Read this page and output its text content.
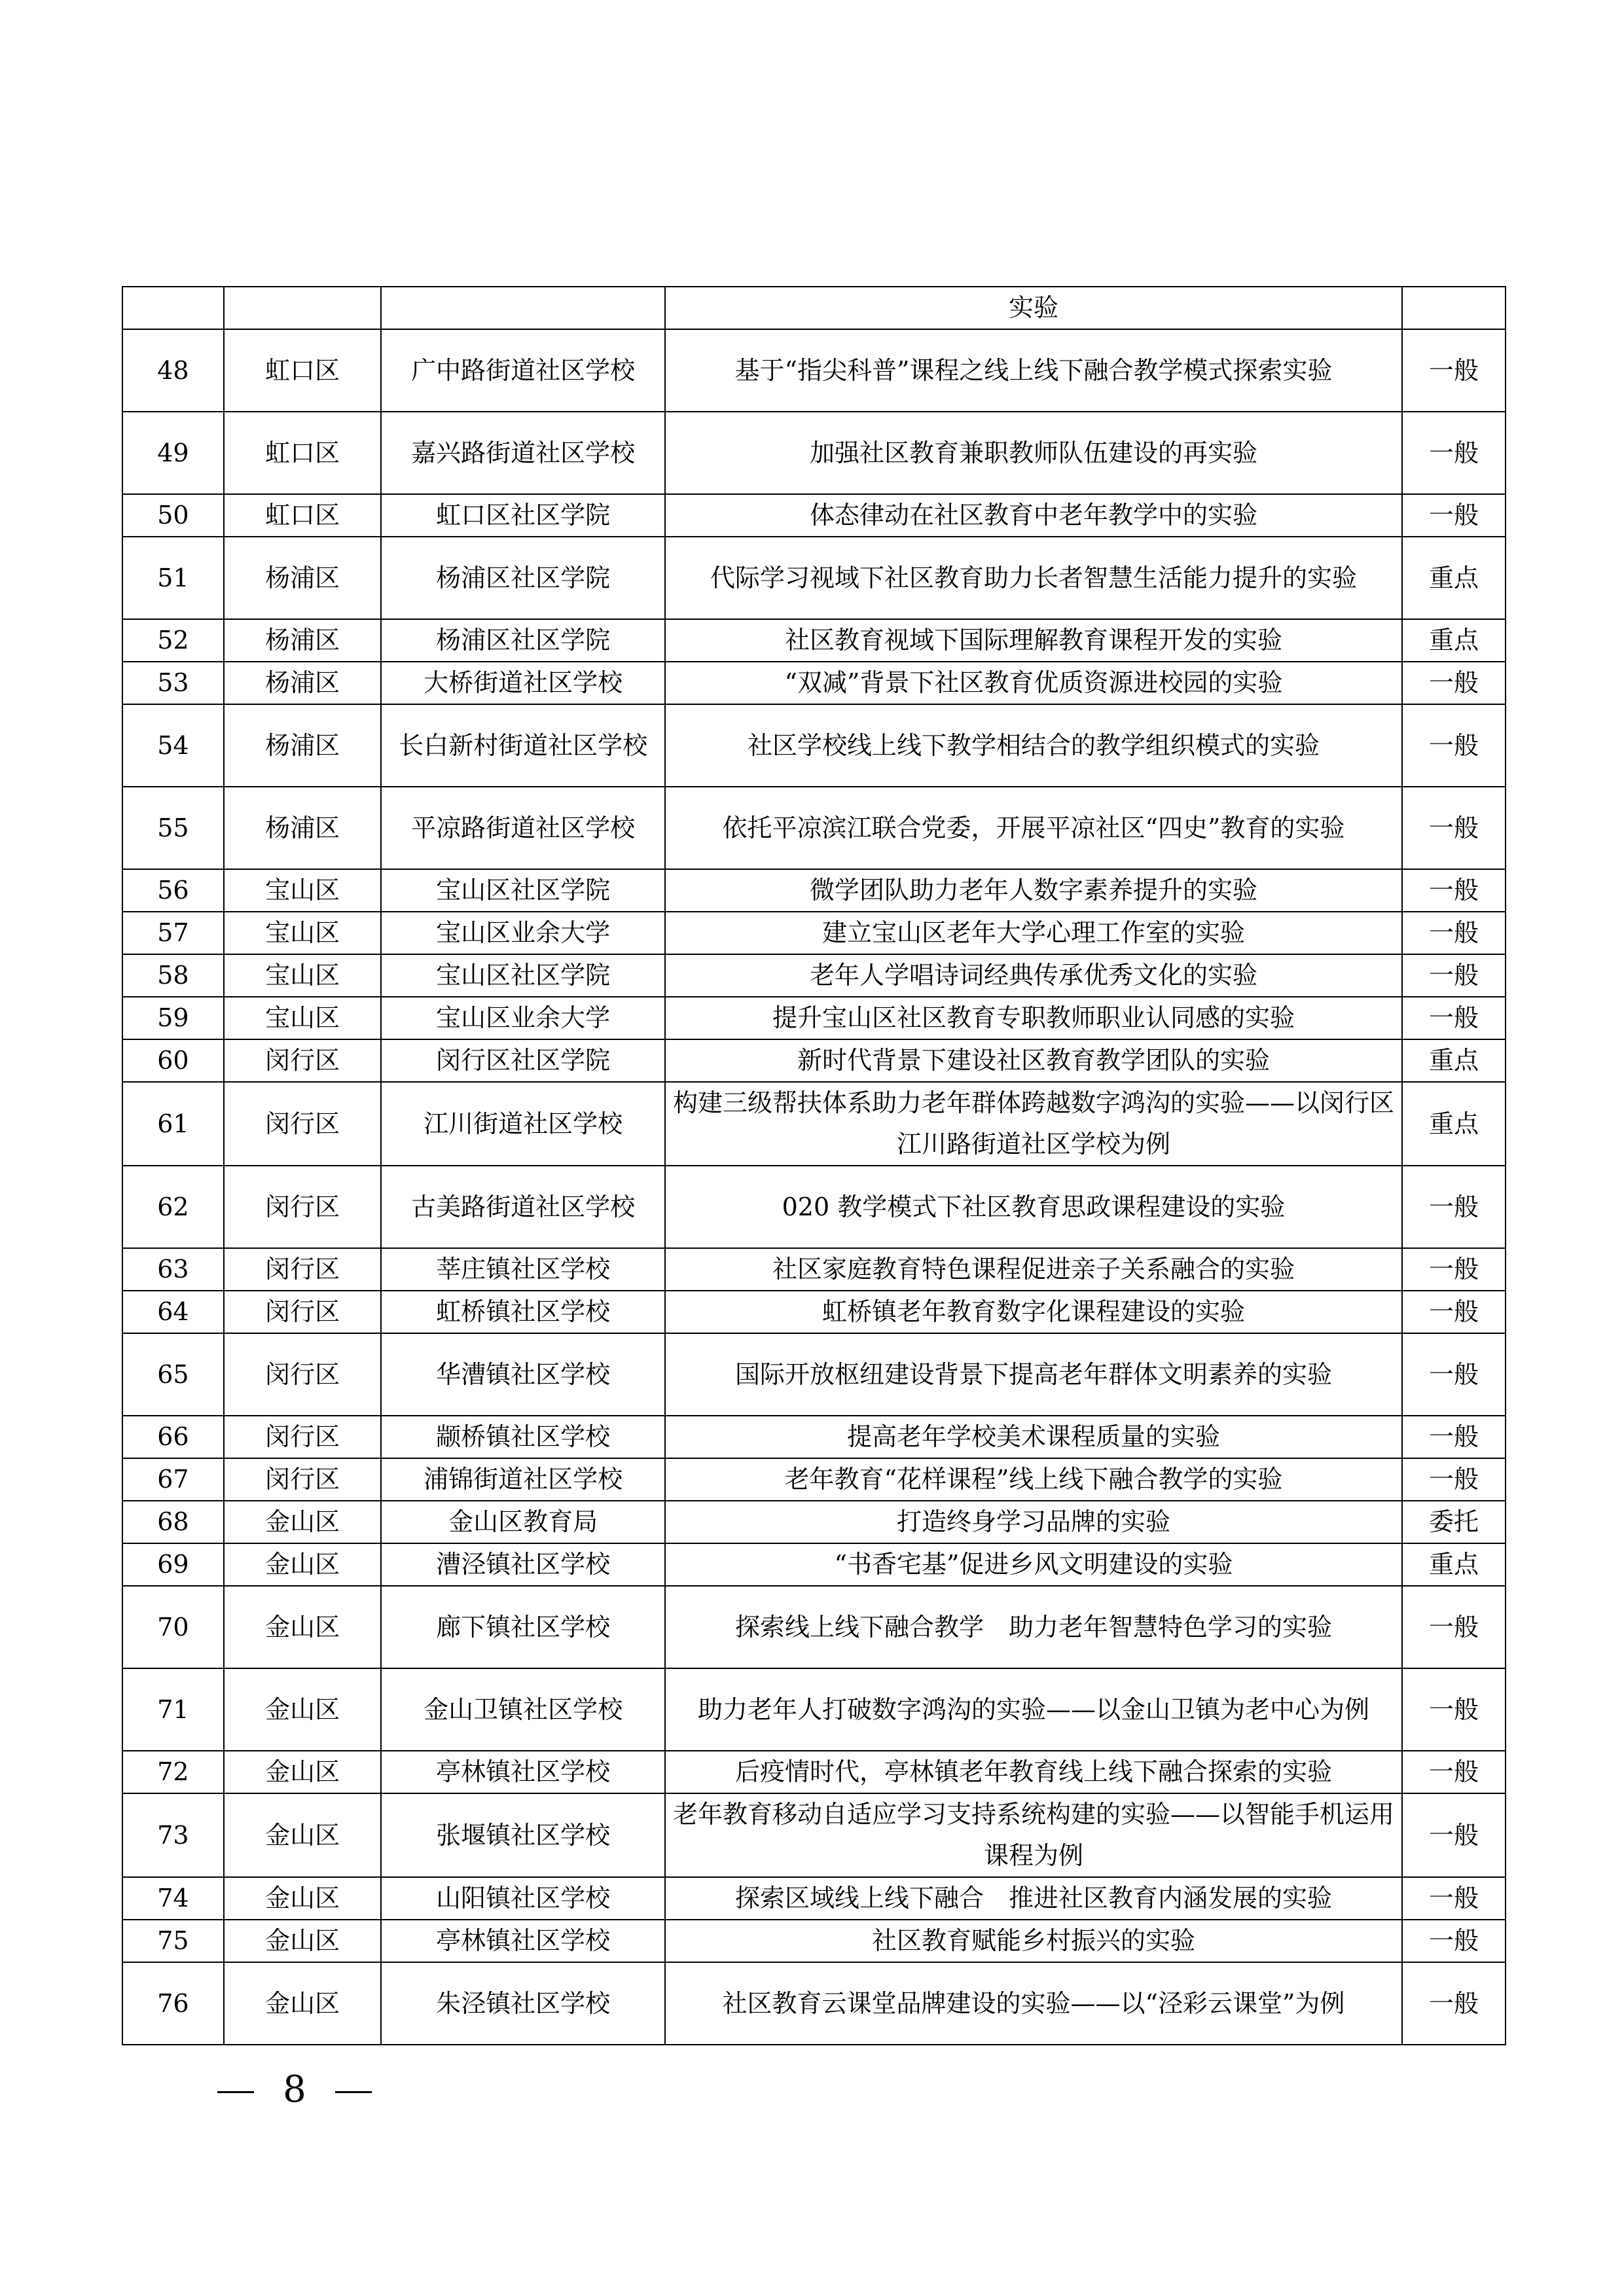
			实验	
48	虹口区	广中路街道社区学校	基于“指尖科普”课程之线上线下融合教学模式探索实验	一般
49	虹口区	嘉兴路街道社区学校	加强社区教育兼职教师队伍建设的再实验	一般
50	虹口区	虹口区社区学院	体态律动在社区教育中老年教学中的实验	一般
51	杨浦区	杨浦区社区学院	代际学习视域下社区教育助力长者智慧生活能力提升的实验	重点
52	杨浦区	杨浦区社区学院	社区教育视域下国际理解教育课程开发的实验	重点
53	杨浦区	大桥街道社区学校	“双减”背景下社区教育优质资源进校园的实验	一般
54	杨浦区	长白新村街道社区学校	社区学校线上线下教学相结合的教学组织模式的实验	一般
55	杨浦区	平凉路街道社区学校	依托平凉滨江联合党委，开展平凉社区“四史”教育的实验	一般
56	宝山区	宝山区社区学院	微学团队助力老年人数字素养提升的实验	一般
57	宝山区	宝山区业余大学	建立宝山区老年大学心理工作室的实验	一般
58	宝山区	宝山区社区学院	老年人学唱诗词经典传承优秀文化的实验	一般
59	宝山区	宝山区业余大学	提升宝山区社区教育专职教师职业认同感的实验	一般
60	闵行区	闵行区社区学院	新时代背景下建设社区教育教学团队的实验	重点
61	闵行区	江川街道社区学校	构建三级帮扶体系助力老年群体跨越数字鸿沟的实验——以闵行区江川路街道社区学校为例	重点
62	闵行区	古美路街道社区学校	020 教学模式下社区教育思政课程建设的实验	一般
63	闵行区	莘庄镇社区学校	社区家庭教育特色课程促进亲子关系融合的实验	一般
64	闵行区	虹桥镇社区学校	虹桥镇老年教育数字化课程建设的实验	一般
65	闵行区	华漕镇社区学校	国际开放枢纽建设背景下提高老年群体文明素养的实验	一般
66	闵行区	颛桥镇社区学校	提高老年学校美术课程质量的实验	一般
67	闵行区	浦锦街道社区学校	老年教育“花样课程”线上线下融合教学的实验	一般
68	金山区	金山区教育局	打造终身学习品牌的实验	委托
69	金山区	漕泾镇社区学校	“书香宅基”促进乡风文明建设的实验	重点
70	金山区	廊下镇社区学校	探索线上线下融合教学　助力老年智慧特色学习的实验	一般
71	金山区	金山卫镇社区学校	助力老年人打破数字鸿沟的实验——以金山卫镇为老中心为例	一般
72	金山区	亭林镇社区学校	后疫情时代，亭林镇老年教育线上线下融合探索的实验	一般
73	金山区	张堰镇社区学校	老年教育移动自适应学习支持系统构建的实验——以智能手机运用课程为例	一般
74	金山区	山阳镇社区学校	探索区域线上线下融合　推进社区教育内涵发展的实验	一般
75	金山区	亭林镇社区学校	社区教育赋能乡村振兴的实验	一般
76	金山区	朱泾镇社区学校	社区教育云课堂品牌建设的实验——以“泾彩云课堂”为例	一般
8
